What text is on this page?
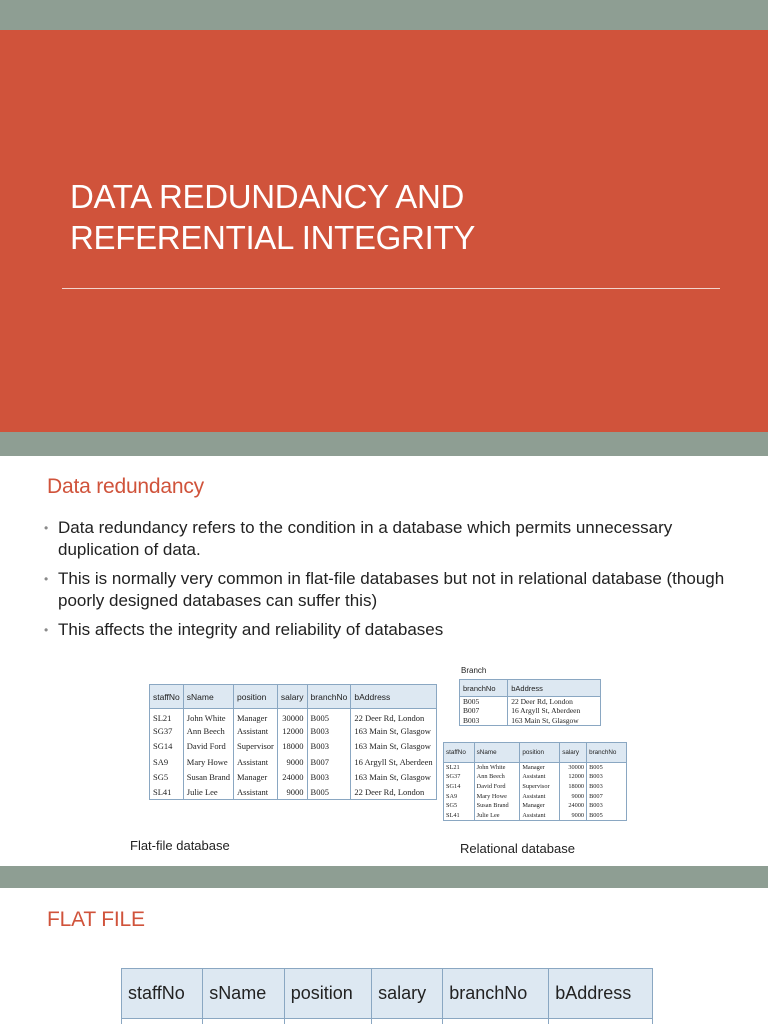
DATA REDUNDANCY AND
REFERENTIAL INTEGRITY
Data redundancy
• Data redundancy refers to the condition in a database which permits unnecessary duplication of data.
• This is normally very common in flat-file databases but not in relational database (though poorly designed databases can suffer this)
• This affects the integrity and reliability of databases
staffNo	sName	position	salary	branchNo	bAddress
SL21	John White	Manager	30000	B005	22 Deer Rd, London
SG37	Ann Beech	Assistant	12000	B003	163 Main St, Glasgow
SG14	David Ford	Supervisor	18000	B003	163 Main St, Glasgow
SA9	Mary Howe	Assistant	9000	B007	16 Argyll St, Aberdeen
SG5	Susan Brand	Manager	24000	B003	163 Main St, Glasgow
SL41	Julie Lee	Assistant	9000	B005	22 Deer Rd, London
Branch
branchNo	bAddress
B005	22 Deer Rd, London
B007	16 Argyll St, Aberdeen
B003	163 Main St, Glasgow
staffNo	sName	position	salary	branchNo
SL21	John White	Manager	30000	B005
SG37	Ann Beech	Assistant	12000	B003
SG14	David Ford	Supervisor	18000	B003
SA9	Mary Howe	Assistant	9000	B007
SG5	Susan Brand	Manager	24000	B003
SL41	Julie Lee	Assistant	9000	B005
Flat-file database	Relational database
FLAT FILE
staffNo	sName	position	salary	branchNo	bAddress
